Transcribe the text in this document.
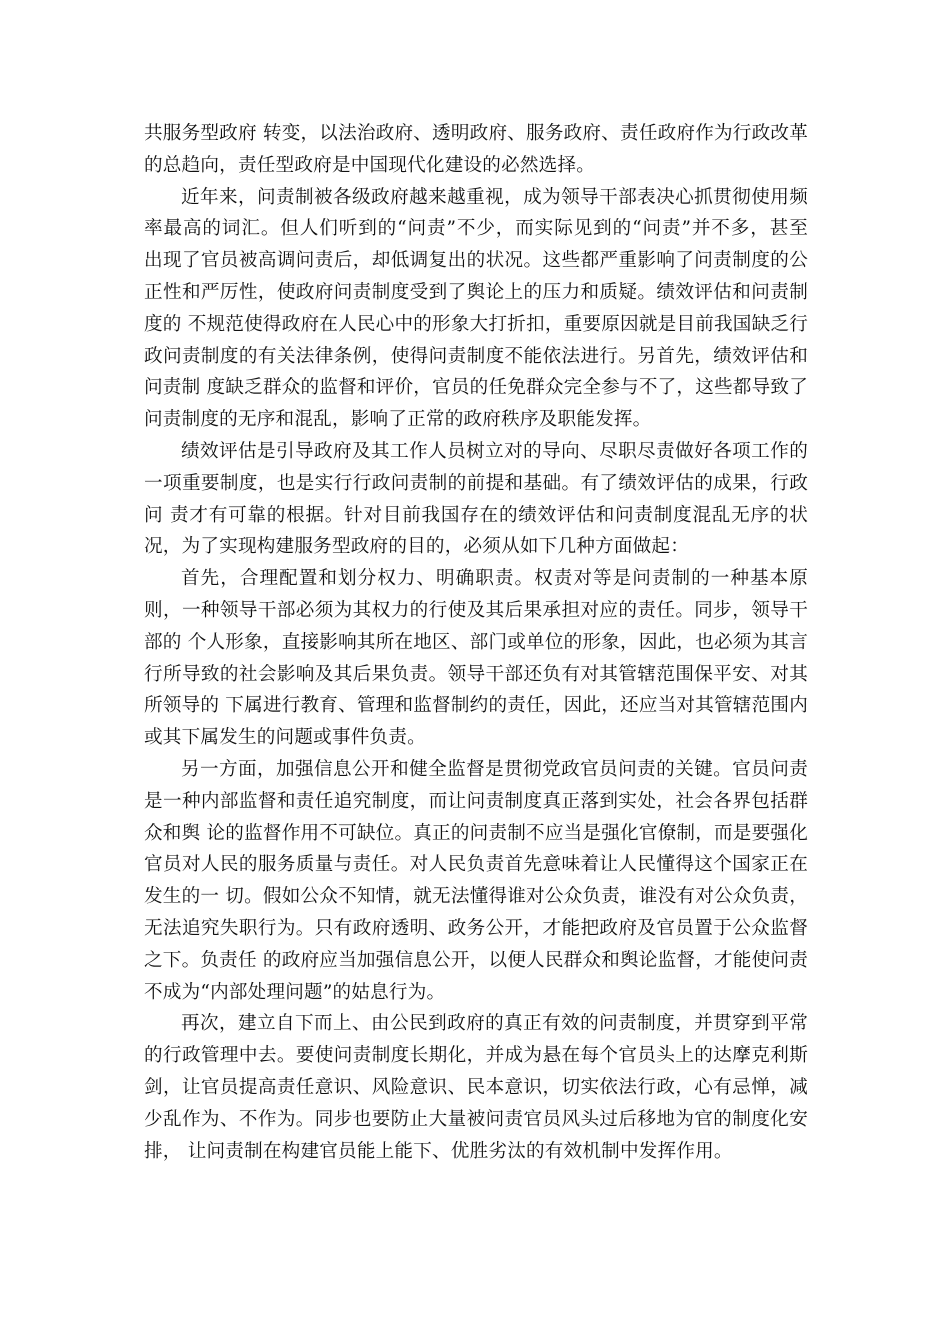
共服务型政府 转变，以法治政府、透明政府、服务政府、责任政府作为行政改革的总趋向，责任型政府是中国现代化建设的必然选择。

近年来，问责制被各级政府越来越重视，成为领导干部表决心抓贯彻使用频率最高的词汇。但人们听到的“问责”不少，而实际见到的“问责”并不多，甚至 出现了官员被高调问责后，却低调复出的状况。这些都严重影响了问责制度的公正性和严厉性，使政府问责制度受到了舆论上的压力和质疑。绩效评估和问责制度的 不规范使得政府在人民心中的形象大打折扣，重要原因就是目前我国缺乏行政问责制度的有关法律条例，使得问责制度不能依法进行。另首先，绩效评估和问责制 度缺乏群众的监督和评价，官员的任免群众完全参与不了，这些都导致了问责制度的无序和混乱，影响了正常的政府秩序及职能发挥。

绩效评估是引导政府及其工作人员树立对的导向、尽职尽责做好各项工作的一项重要制度，也是实行行政问责制的前提和基础。有了绩效评估的成果，行政问 责才有可靠的根据。针对目前我国存在的绩效评估和问责制度混乱无序的状况，为了实现构建服务型政府的目的，必须从如下几种方面做起：

首先，合理配置和划分权力、明确职责。权责对等是问责制的一种基本原则，一种领导干部必须为其权力的行使及其后果承担对应的责任。同步，领导干部的 个人形象，直接影响其所在地区、部门或单位的形象，因此，也必须为其言行所导致的社会影响及其后果负责。领导干部还负有对其管辖范围保平安、对其所领导的 下属进行教育、管理和监督制约的责任，因此，还应当对其管辖范围内或其下属发生的问题或事件负责。

另一方面，加强信息公开和健全监督是贯彻党政官员问责的关键。官员问责是一种内部监督和责任追究制度，而让问责制度真正落到实处，社会各界包括群众和舆 论的监督作用不可缺位。真正的问责制不应当是强化官僚制，而是要强化官员对人民的服务质量与责任。对人民负责首先意味着让人民懂得这个国家正在发生的一 切。假如公众不知情，就无法懂得谁对公众负责，谁没有对公众负责，无法追究失职行为。只有政府透明、政务公开，才能把政府及官员置于公众监督之下。负责任 的政府应当加强信息公开，以便人民群众和舆论监督，才能使问责不成为“内部处理问题”的姑息行为。

再次，建立自下而上、由公民到政府的真正有效的问责制度，并贯穿到平常的行政管理中去。要使问责制度长期化，并成为悬在每个官员头上的达摩克利斯 剑，让官员提高责任意识、风险意识、民本意识，切实依法行政，心有忌惮，减少乱作为、不作为。同步也要防止大量被问责官员风头过后移地为官的制度化安排， 让问责制在构建官员能上能下、优胜劣汰的有效机制中发挥作用。
